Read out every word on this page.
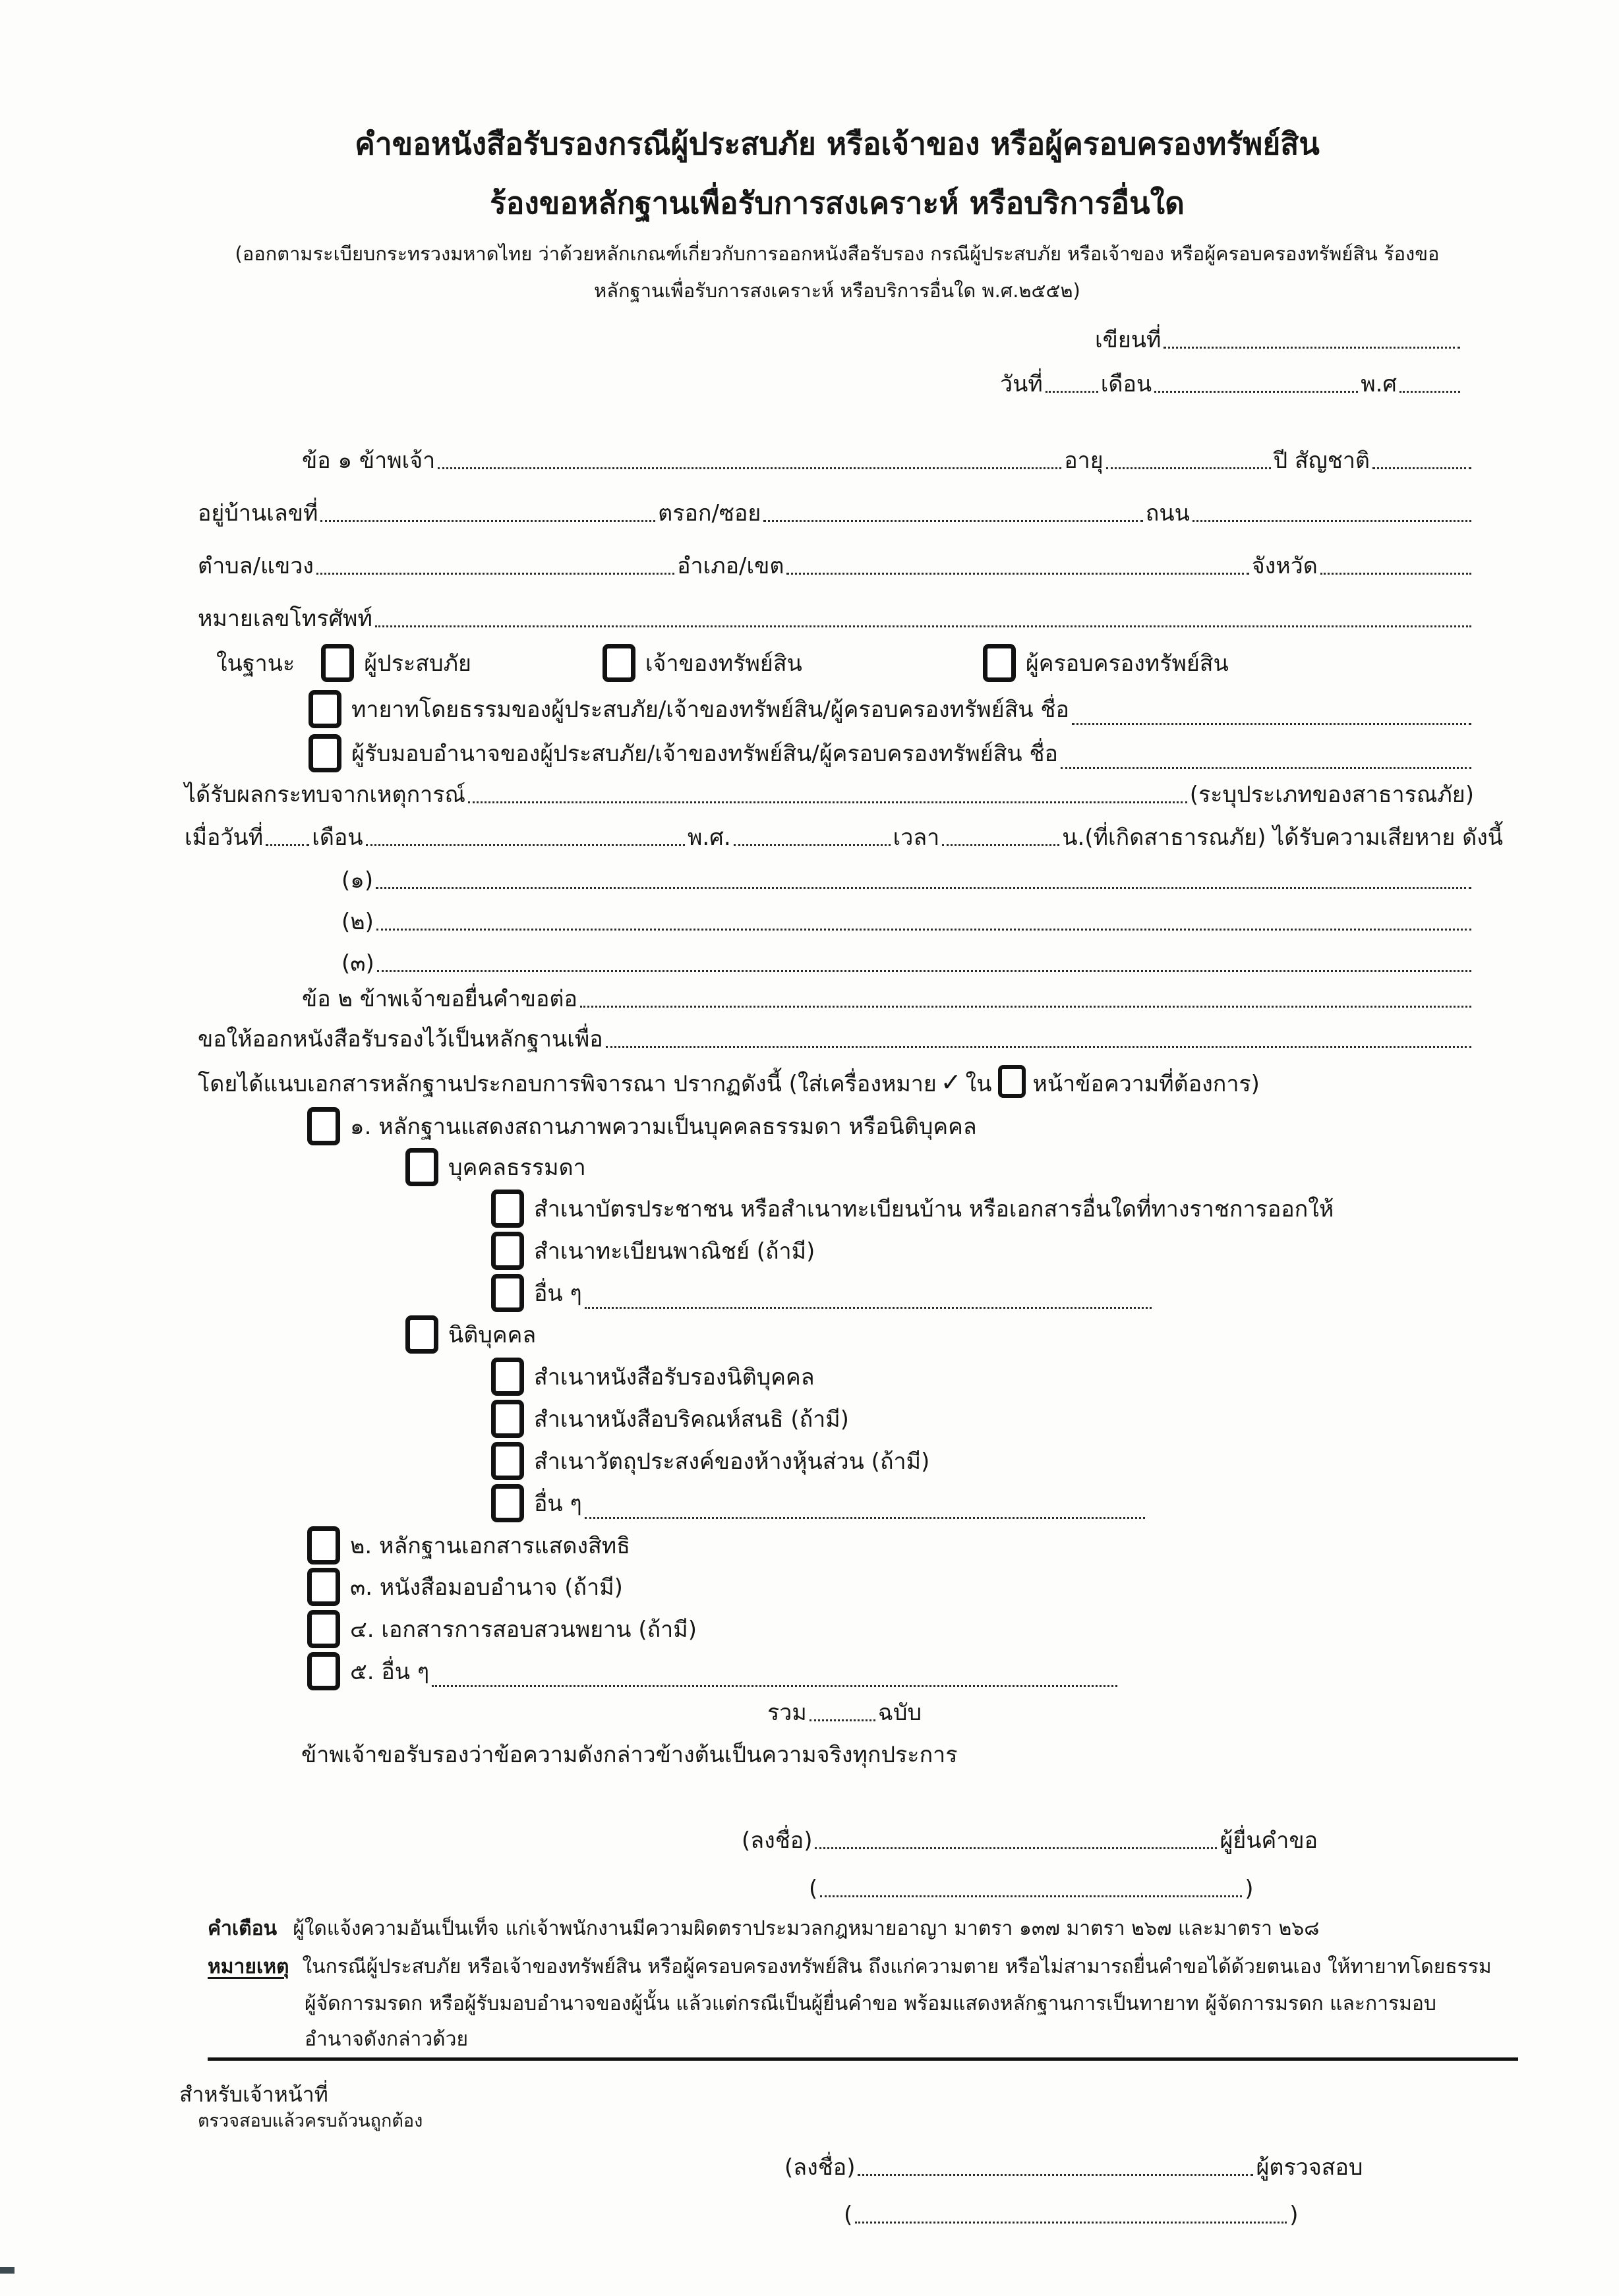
คำขอหนังสือรับรองกรณีผู้ประสบภัย หรือเจ้าของ หรือผู้ครอบครองทรัพย์สิน
ร้องขอหลักฐานเพื่อรับการสงเคราะห์ หรือบริการอื่นใด
(ออกตามระเบียบกระทรวงมหาดไทย ว่าด้วยหลักเกณฑ์เกี่ยวกับการออกหนังสือรับรอง กรณีผู้ประสบภัย หรือเจ้าของ หรือผู้ครอบครองทรัพย์สิน ร้องขอ
หลักฐานเพื่อรับการสงเคราะห์ หรือบริการอื่นใด พ.ศ.๒๕๕๒)
เขียนที่
วันที่	เดือน	พ.ศ
ข้อ ๑ ข้าพเจ้า	อายุ	ปี สัญชาติ
อยู่บ้านเลขที่	ตรอก/ซอย	ถนน
ตำบล/แขวง	อำเภอ/เขต	จังหวัด
หมายเลขโทรศัพท์
ในฐานะ	ผู้ประสบภัย	เจ้าของทรัพย์สิน	ผู้ครอบครองทรัพย์สิน
ทายาทโดยธรรมของผู้ประสบภัย/เจ้าของทรัพย์สิน/ผู้ครอบครองทรัพย์สิน ชื่อ
ผู้รับมอบอำนาจของผู้ประสบภัย/เจ้าของทรัพย์สิน/ผู้ครอบครองทรัพย์สิน ชื่อ
ได้รับผลกระทบจากเหตุการณ์	(ระบุประเภทของสาธารณภัย)
เมื่อวันที่ เดือน	พ.ศ.	เวลา	น.(ที่เกิดสาธารณภัย) ได้รับความเสียหาย ดังนี้
(๑)
(๒)
(๓)
ข้อ ๒ ข้าพเจ้าขอยื่นคำขอต่อ
ขอให้ออกหนังสือรับรองไว้เป็นหลักฐานเพื่อ
โดยได้แนบเอกสารหลักฐานประกอบการพิจารณา ปรากฏดังนี้ (ใส่เครื่องหมาย ✓ ใน หน้าข้อความที่ต้องการ)
๑. หลักฐานแสดงสถานภาพความเป็นบุคคลธรรมดา หรือนิติบุคคล
บุคคลธรรมดา
สำเนาบัตรประชาชน หรือสำเนาทะเบียนบ้าน หรือเอกสารอื่นใดที่ทางราชการออกให้
สำเนาทะเบียนพาณิชย์ (ถ้ามี)
อื่น ๆ
นิติบุคคล
สำเนาหนังสือรับรองนิติบุคคล
สำเนาหนังสือบริคณห์สนธิ (ถ้ามี)
สำเนาวัตถุประสงค์ของห้างหุ้นส่วน (ถ้ามี)
อื่น ๆ
๒. หลักฐานเอกสารแสดงสิทธิ
๓. หนังสือมอบอำนาจ (ถ้ามี)
๔. เอกสารการสอบสวนพยาน (ถ้ามี)
๕. อื่น ๆ
รวม	ฉบับ
ข้าพเจ้าขอรับรองว่าข้อความดังกล่าวข้างต้นเป็นความจริงทุกประการ
(ลงชื่อ)	ผู้ยื่นคำขอ
(	)
คำเตือน ผู้ใดแจ้งความอันเป็นเท็จ แก่เจ้าพนักงานมีความผิดตราประมวลกฎหมายอาญา มาตรา ๑๓๗ มาตรา ๒๖๗ และมาตรา ๒๖๘
หมายเหตุ ในกรณีผู้ประสบภัย หรือเจ้าของทรัพย์สิน หรือผู้ครอบครองทรัพย์สิน ถึงแก่ความตาย หรือไม่สามารถยื่นคำขอได้ด้วยตนเอง ให้ทายาทโดยธรรม
ผู้จัดการมรดก หรือผู้รับมอบอำนาจของผู้นั้น แล้วแต่กรณีเป็นผู้ยื่นคำขอ พร้อมแสดงหลักฐานการเป็นทายาท ผู้จัดการมรดก และการมอบ
อำนาจดังกล่าวด้วย
สำหรับเจ้าหน้าที่
ตรวจสอบแล้วครบถ้วนถูกต้อง
(ลงชื่อ)	ผู้ตรวจสอบ
(	)
